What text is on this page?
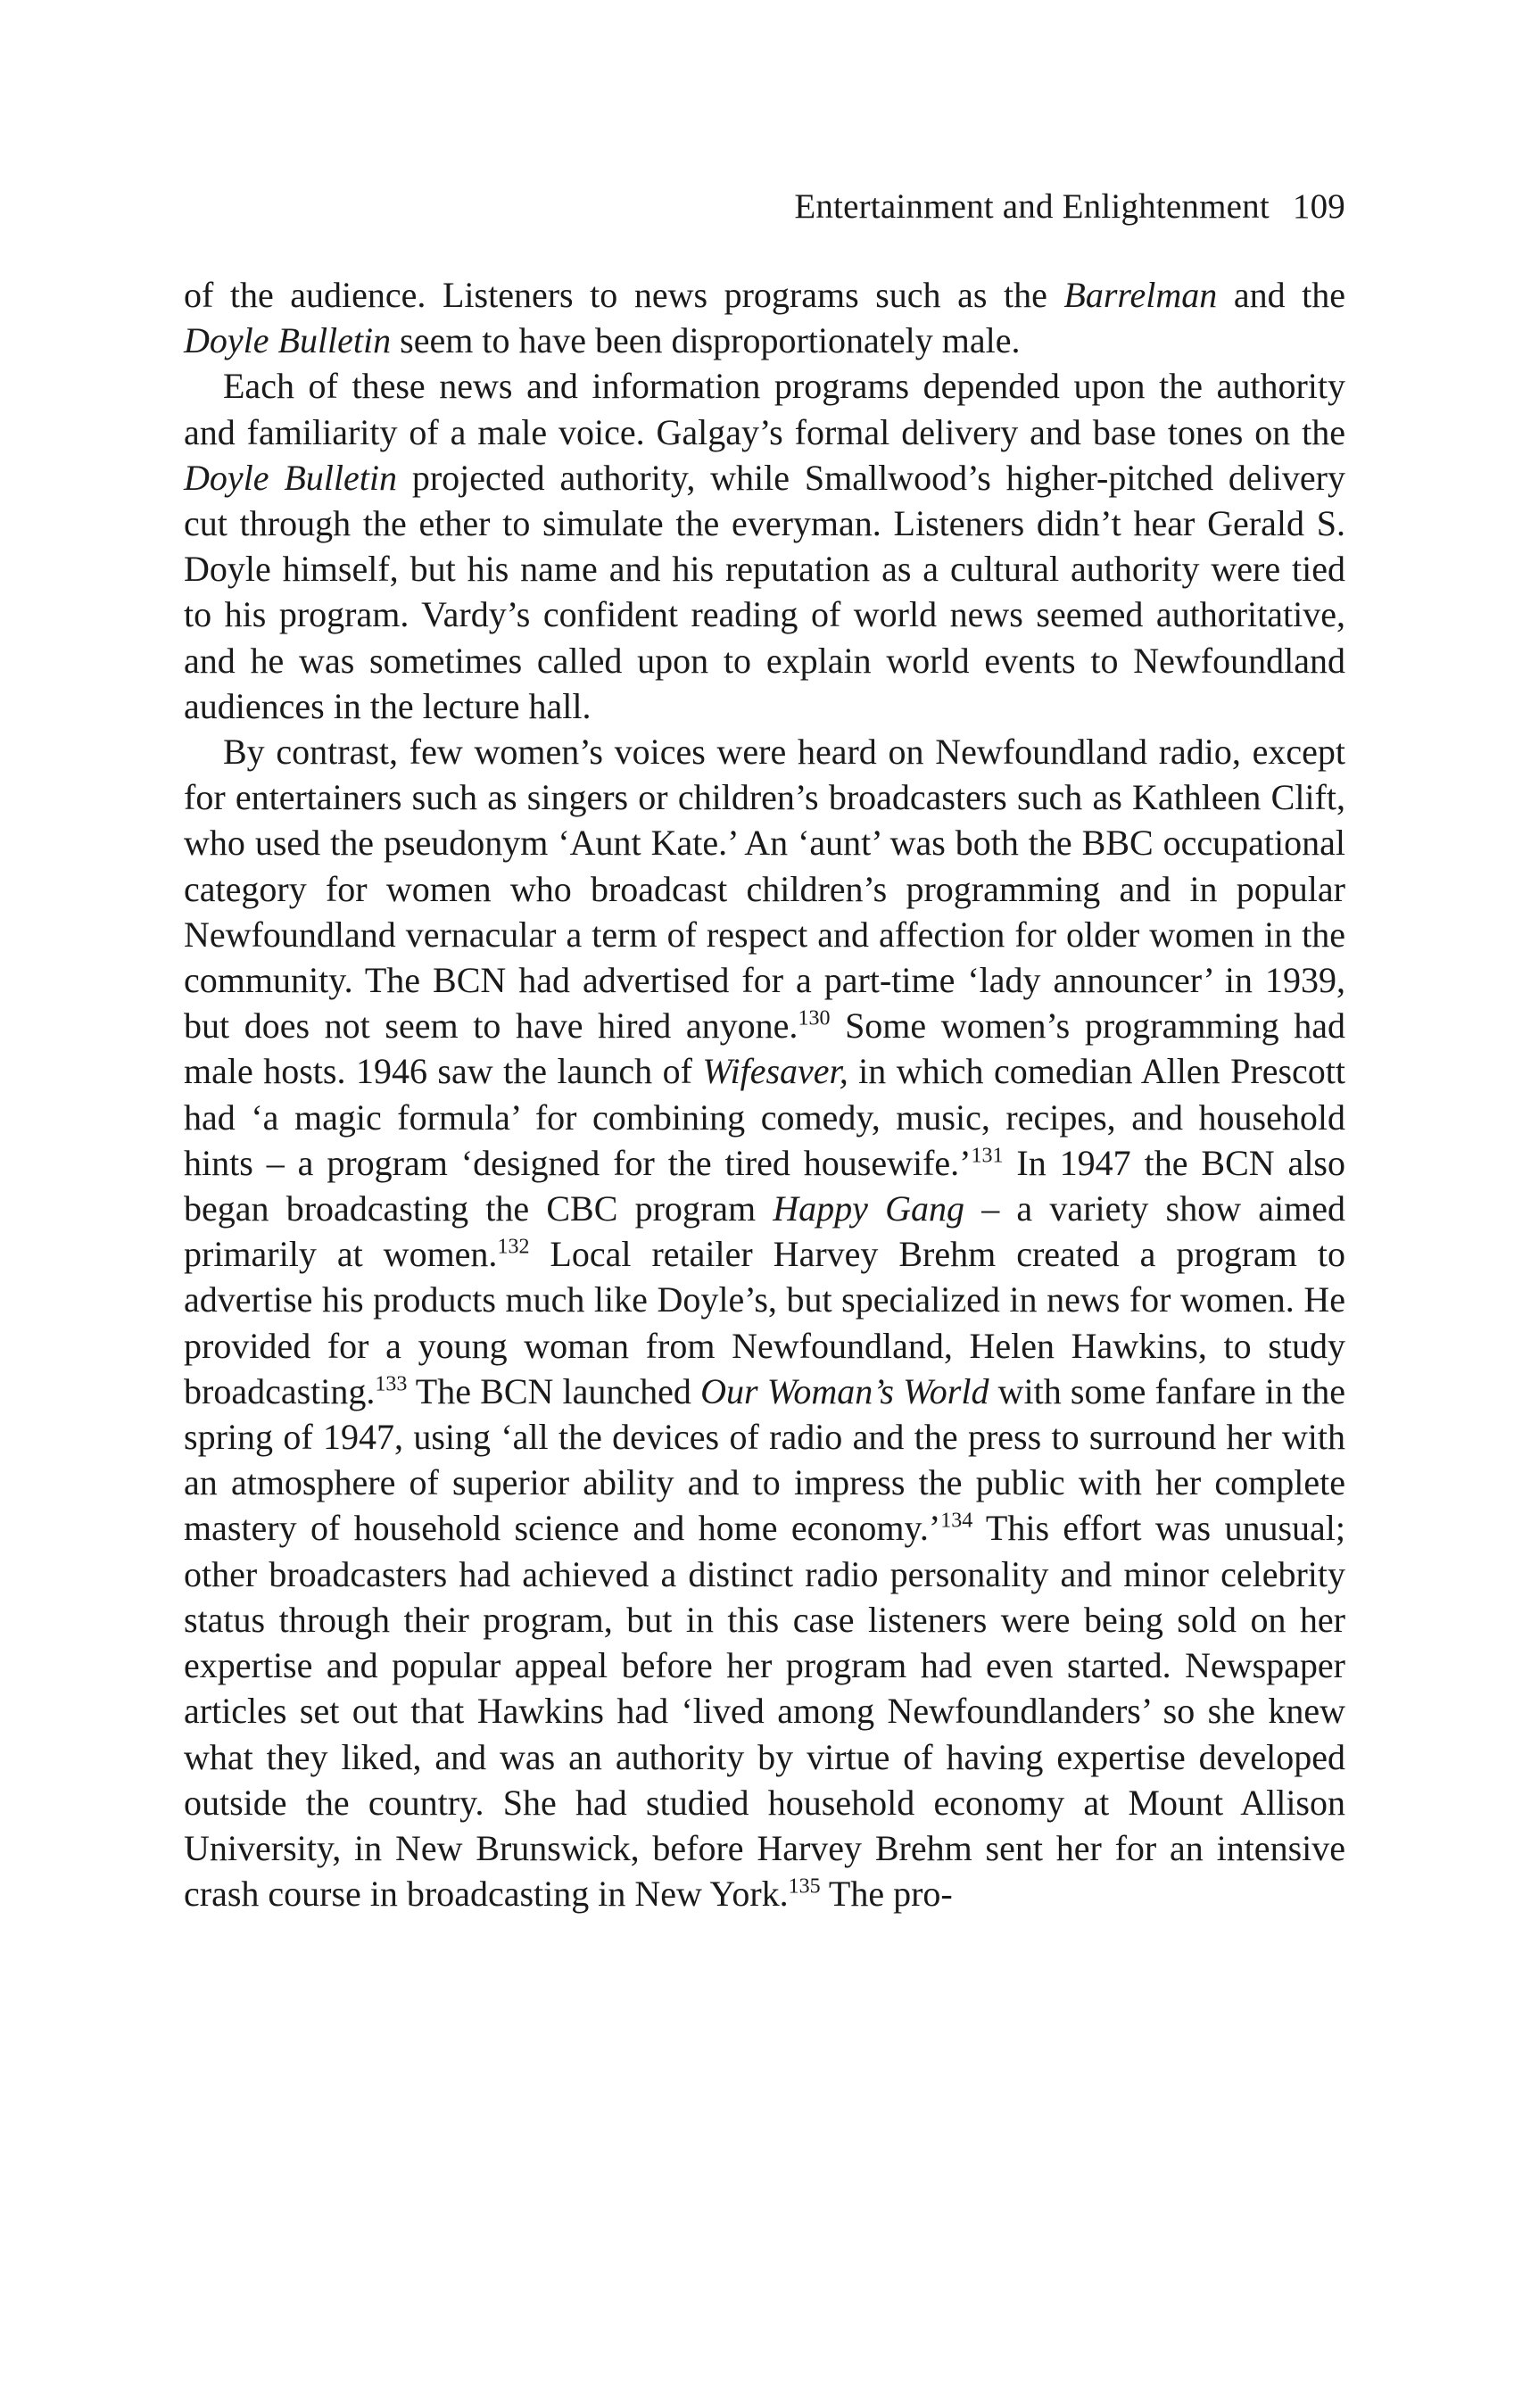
Entertainment and Enlightenment 109

of the audience. Listeners to news programs such as the Barrelman and the Doyle Bulletin seem to have been disproportionately male.

Each of these news and information programs depended upon the authority and familiarity of a male voice. Galgay’s formal delivery and base tones on the Doyle Bulletin projected authority, while Smallwood’s higher-pitched delivery cut through the ether to simulate the everyman. Listeners didn’t hear Gerald S. Doyle himself, but his name and his reputation as a cultural authority were tied to his program. Vardy’s confident reading of world news seemed authoritative, and he was sometimes called upon to explain world events to Newfoundland audiences in the lecture hall.

By contrast, few women’s voices were heard on Newfoundland radio, except for entertainers such as singers or children’s broadcasters such as Kathleen Clift, who used the pseudonym ‘Aunt Kate.’ An ‘aunt’ was both the BBC occupational category for women who broadcast children’s programming and in popular Newfoundland vernacular a term of respect and affection for older women in the community. The BCN had advertised for a part-time ‘lady announcer’ in 1939, but does not seem to have hired anyone.$^{130}$ Some women’s programming had male hosts. 1946 saw the launch of Wifesaver, in which comedian Allen Prescott had ‘a magic formula’ for combining comedy, music, recipes, and household hints – a program ‘designed for the tired housewife.’$^{131}$ In 1947 the BCN also began broadcasting the CBC program Happy Gang – a variety show aimed primarily at women.$^{132}$ Local retailer Harvey Brehm created a program to advertise his products much like Doyle’s, but specialized in news for women. He provided for a young woman from Newfoundland, Helen Hawkins, to study broadcasting.$^{133}$ The BCN launched Our Woman’s World with some fanfare in the spring of 1947, using ‘all the devices of radio and the press to surround her with an atmosphere of superior ability and to impress the public with her complete mastery of household science and home economy.’$^{134}$ This effort was unusual; other broadcasters had achieved a distinct radio personality and minor celebrity status through their program, but in this case listeners were being sold on her expertise and popular appeal before her program had even started. Newspaper articles set out that Hawkins had ‘lived among Newfoundlanders’ so she knew what they liked, and was an authority by virtue of having expertise developed outside the country. She had studied household economy at Mount Allison University, in New Brunswick, before Harvey Brehm sent her for an intensive crash course in broadcasting in New York.$^{135}$ The pro-
